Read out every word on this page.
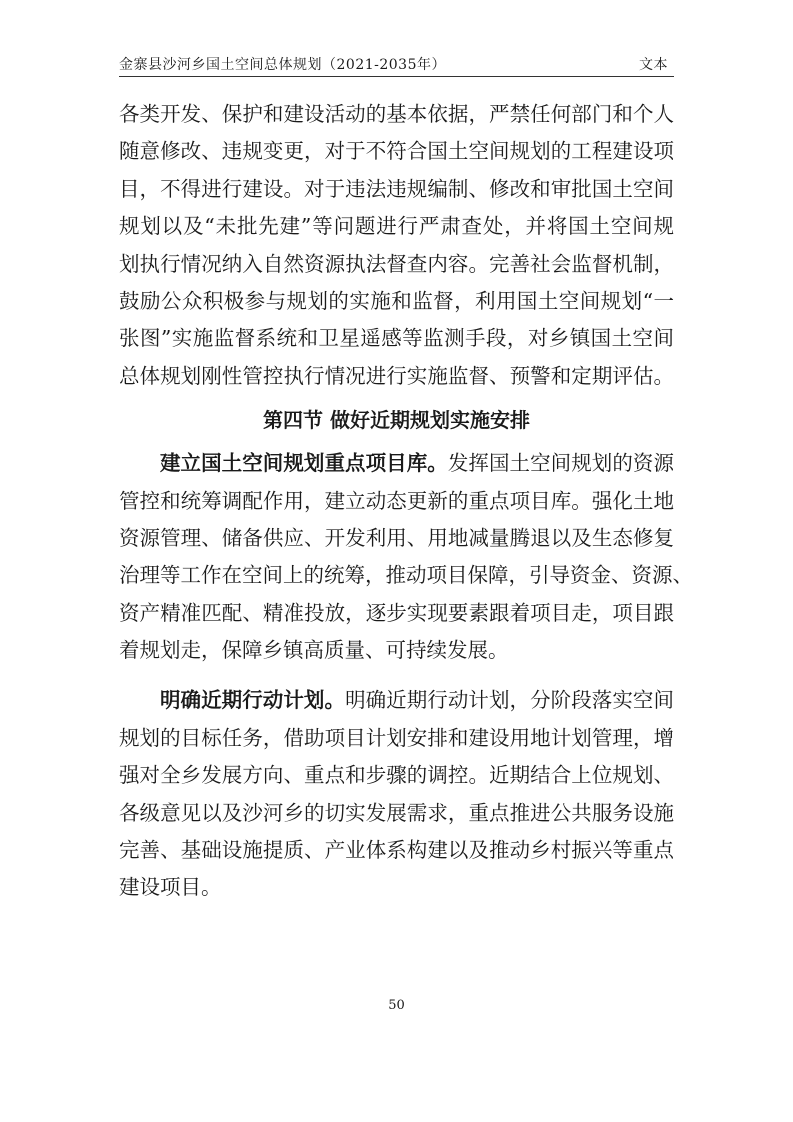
金寨县沙河乡国土空间总体规划（2021-2035年）	文本
各类开发、保护和建设活动的基本依据，严禁任何部门和个人
随意修改、违规变更，对于不符合国土空间规划的工程建设项
目，不得进行建设。对于违法违规编制、修改和审批国土空间
规划以及“未批先建”等问题进行严肃查处，并将国土空间规
划执行情况纳入自然资源执法督查内容。完善社会监督机制，
鼓励公众积极参与规划的实施和监督，利用国土空间规划“一
张图”实施监督系统和卫星遥感等监测手段，对乡镇国土空间
总体规划刚性管控执行情况进行实施监督、预警和定期评估。
第四节 做好近期规划实施安排
建立国土空间规划重点项目库。发挥国土空间规划的资源
管控和统筹调配作用，建立动态更新的重点项目库。强化土地
资源管理、储备供应、开发利用、用地减量腾退以及生态修复
治理等工作在空间上的统筹，推动项目保障，引导资金、资源、
资产精准匹配、精准投放，逐步实现要素跟着项目走，项目跟
着规划走，保障乡镇高质量、可持续发展。
明确近期行动计划。明确近期行动计划，分阶段落实空间
规划的目标任务，借助项目计划安排和建设用地计划管理，增
强对全乡发展方向、重点和步骤的调控。近期结合上位规划、
各级意见以及沙河乡的切实发展需求，重点推进公共服务设施
完善、基础设施提质、产业体系构建以及推动乡村振兴等重点
建设项目。
50
